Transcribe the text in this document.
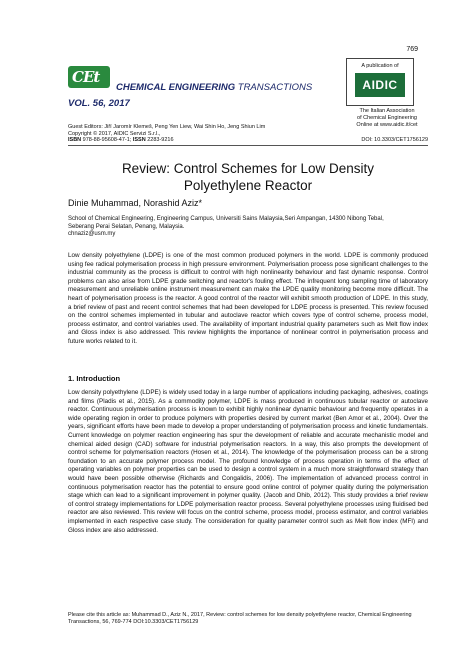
769
CEt
CHEMICAL ENGINEERING TRANSACTIONS
VOL. 56, 2017
A publication of
AIDIC
The Italian Association
of Chemical Engineering
Online at www.aidic.it/cet
Guest Editors: Jiří Jaromír Klemeš, Peng Yen Liew, Wai Shin Ho, Jeng Shiun Lim
Copyright © 2017, AIDIC Servizi S.r.l.,
ISBN 978-88-95608-47-1; ISSN 2283-9216	DOI: 10.3303/CET1756129
Review: Control Schemes for Low Density
Polyethylene Reactor
Dinie Muhammad, Norashid Aziz*
School of Chemical Engineering, Engineering Campus, Universiti Sains Malaysia,Seri Ampangan, 14300 Nibong Tebal,
Seberang Perai Selatan, Penang, Malaysia.
chnaziz@usm.my
Low density polyethylene (LDPE) is one of the most common produced polymers in the world. LDPE is commonly produced using fee radical polymerisation process in high pressure environment. Polymerisation process pose significant challenges to the industrial community as the process is difficult to control with high nonlinearity behaviour and fast dynamic response. Control problems can also arise from LDPE grade switching and reactor's fouling effect. The infrequent long sampling time of laboratory measurement and unreliable online instrument measurement can make the LPDE quality monitoring become more difficult. The heart of polymerisation process is the reactor. A good control of the reactor will exhibit smooth production of LDPE. In this study, a brief review of past and recent control schemes that had been developed for LDPE process is presented. This review focused on the control schemes implemented in tubular and autoclave reactor which covers type of control scheme, process model, process estimator, and control variables used. The availability of important industrial quality parameters such as Melt flow index and Gloss index is also addressed. This review highlights the importance of nonlinear control in polymerisation process and future works related to it.
1. Introduction
Low density polyethylene (LDPE) is widely used today in a large number of applications including packaging, adhesives, coatings and films (Pladis et al., 2015). As a commodity polymer, LDPE is mass produced in continuous tubular reactor or autoclave reactor. Continuous polymerisation process is known to exhibit highly nonlinear dynamic behaviour and frequently operates in a wide operating region in order to produce polymers with properties desired by current market (Ben Amor et al., 2004). Over the years, significant efforts have been made to develop a proper understanding of polymerisation process and kinetic fundamentals. Current knowledge on polymer reaction engineering has spur the development of reliable and accurate mechanistic model and chemical aided design (CAD) software for industrial polymerisation reactors. In a way, this also prompts the development of control scheme for polymerisation reactors (Hosen et al., 2014). The knowledge of the polymerisation process can be a strong foundation to an accurate polymer process model. The profound knowledge of process operation in terms of the effect of operating variables on polymer properties can be used to design a control system in a much more straightforward strategy than would have been possible otherwise (Richards and Congalidis, 2006). The implementation of advanced process control in continuous polymerisation reactor has the potential to ensure good online control of polymer quality during the polymerisation stage which can lead to a significant improvement in polymer quality. (Jacob and Dhib, 2012). This study provides a brief review of control strategy implementations for LDPE polymerisation reactor process. Several polyethylene processes using fluidised bed reactor are also reviewed. This review will focus on the control scheme, process model, process estimator, and control variables implemented in each respective case study. The consideration for quality parameter control such as Melt flow index (MFI) and Gloss index are also addressed.
Please cite this article as: Muhammad D., Aziz N., 2017, Review: control schemes for low density polyethylene reactor, Chemical Engineering
Transactions, 56, 769-774 DOI:10.3303/CET1756129
